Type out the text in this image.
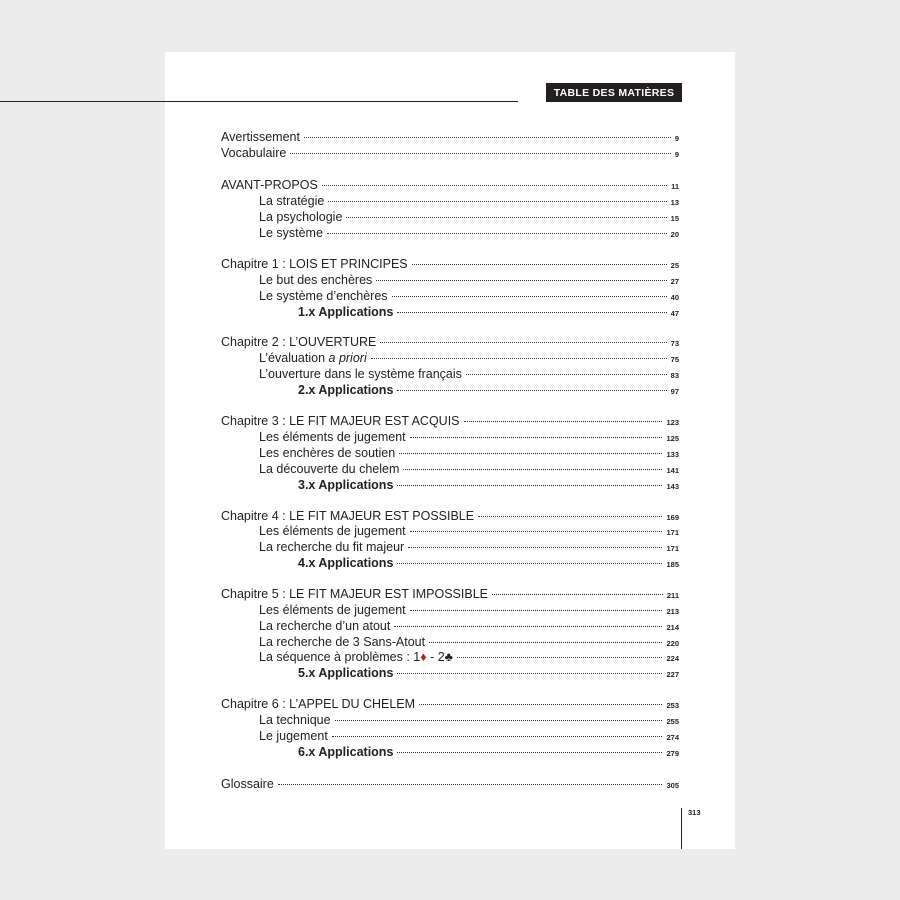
TABLE DES MATIÈRES
Avertissement	9
Vocabulaire	9
AVANT-PROPOS	11
La stratégie	13
La psychologie	15
Le système	20
Chapitre 1 : LOIS ET PRINCIPES	25
Le but des enchères	27
Le système d’enchères	40
1.x Applications	47
Chapitre 2 : L’OUVERTURE	73
L’évaluation a priori	75
L’ouverture dans le système français	83
2.x Applications	97
Chapitre 3 : LE FIT MAJEUR EST ACQUIS	123
Les éléments de jugement	125
Les enchères de soutien	133
La découverte du chelem	141
3.x Applications	143
Chapitre 4 : LE FIT MAJEUR EST POSSIBLE	169
Les éléments de jugement	171
La recherche du fit majeur	171
4.x Applications	185
Chapitre 5 : LE FIT MAJEUR EST IMPOSSIBLE	211
Les éléments de jugement	213
La recherche d’un atout	214
La recherche de 3 Sans-Atout	220
La séquence à problèmes : 1♦ - 2♣	224
5.x Applications	227
Chapitre 6 : L’APPEL DU CHELEM	253
La technique	255
Le jugement	274
6.x Applications	279
Glossaire	305
313
